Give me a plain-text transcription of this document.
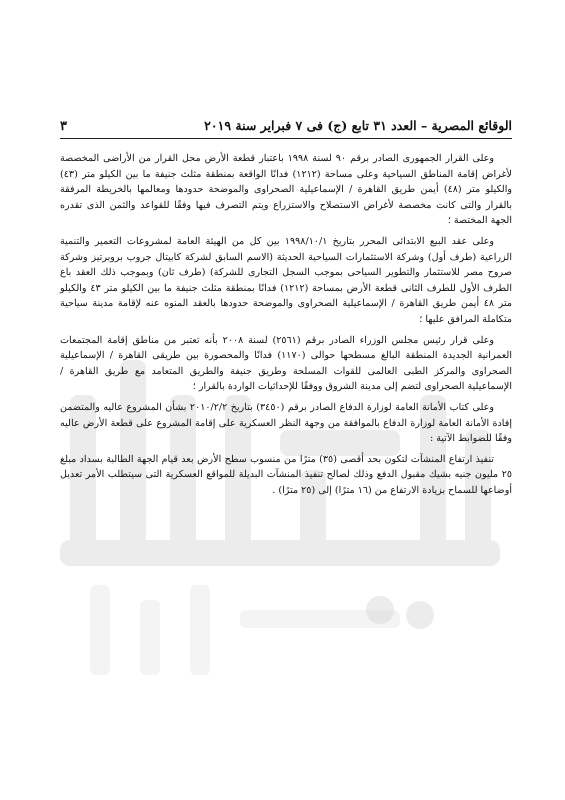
الوقائع المصرية – العدد ٣١ تابع (ج) فى ٧ فبراير سنة ٢٠١٩
٣

وعلى القرار الجمهورى الصادر برقم ٩٠ لسنة ١٩٩٨ باعتبار قطعة الأرض محل القرار من الأراضى المخصصة لأغراض إقامة المناطق السياحية وعلى مساحة (١٢١٢) فدانًا الواقعة بمنطقة مثلث جنيفة ما بين الكيلو متر (٤٣) والكيلو متر (٤٨) أيمن طريق القاهرة / الإسماعيلية الصحراوى والموضحة حدودها ومعالمها بالخريطة المرفقة بالقرار والتى كانت مخصصة لأغراض الاستصلاح والاستزراع ويتم التصرف فيها وفقًا للقواعد والثمن الذى تقدره الجهة المختصة ؛

وعلى عقد البيع الابتدائى المحرر بتاريخ ١٩٩٨/١٠/١ بين كل من الهيئة العامة لمشروعات التعمير والتنمية الزراعية (طرف أول) وشركة الاستثمارات السياحية الحديثة (الاسم السابق لشركة كابيتال جروب بروبرتيز وشركة صروح مصر للاستثمار والتطوير السياحى بموجب السجل التجارى للشركة) (طرف ثان) وبموجب ذلك العقد باع الطرف الأول للطرف الثانى قطعة الأرض بمساحة (١٢١٢) فدانًا بمنطقة مثلث جنيفة ما بين الكيلو متر ٤٣ والكيلو متر ٤٨ أيمن طريق القاهرة / الإسماعيلية الصحراوى والموضحة حدودها بالعقد المنوه عنه لإقامة مدينة سياحية متكاملة المرافق عليها ؛

وعلى قرار رئيس مجلس الوزراء الصادر برقم (٢٥٦١) لسنة ٢٠٠٨ بأنه تعتبر من مناطق إقامة المجتمعات العمرانية الجديدة المنطقة البالغ مسطحها حوالى (١١٧٠) فدانًا والمحصورة بين طريقى القاهرة / الإسماعيلية الصحراوى والمركز الطبى العالمى للقوات المسلحة وطريق جنيفة والطريق المتعامد مع طريق القاهرة / الإسماعيلية الصحراوى لتضم إلى مدينة الشروق ووفقًا للإحداثيات الواردة بالقرار ؛

وعلى كتاب الأمانة العامة لوزارة الدفاع الصادر برقم (٣٤٥٠) بتاريخ ٢٠١٠/٢/٢ بشأن المشروع عاليه والمتضمن إفادة الأمانة العامة لوزارة الدفاع بالموافقة من وجهة النظر العسكرية على إقامة المشروع على قطعة الأرض عاليه وفقًا للضوابط الآتية :

تنفيذ ارتفاع المنشآت لتكون بحد أقصى (٣٥) مترًا من منسوب سطح الأرض بعد قيام الجهة الطالبة بسداد مبلغ ٢٥ مليون جنيه بشيك مقبول الدفع وذلك لصالح تنفيذ المنشآت البديلة للمواقع العسكرية التى سيتطلب الأمر تعديل أوضاعها للسماح بزيادة الارتفاع من (١٦ مترًا) إلى (٢٥ مترًا) .
